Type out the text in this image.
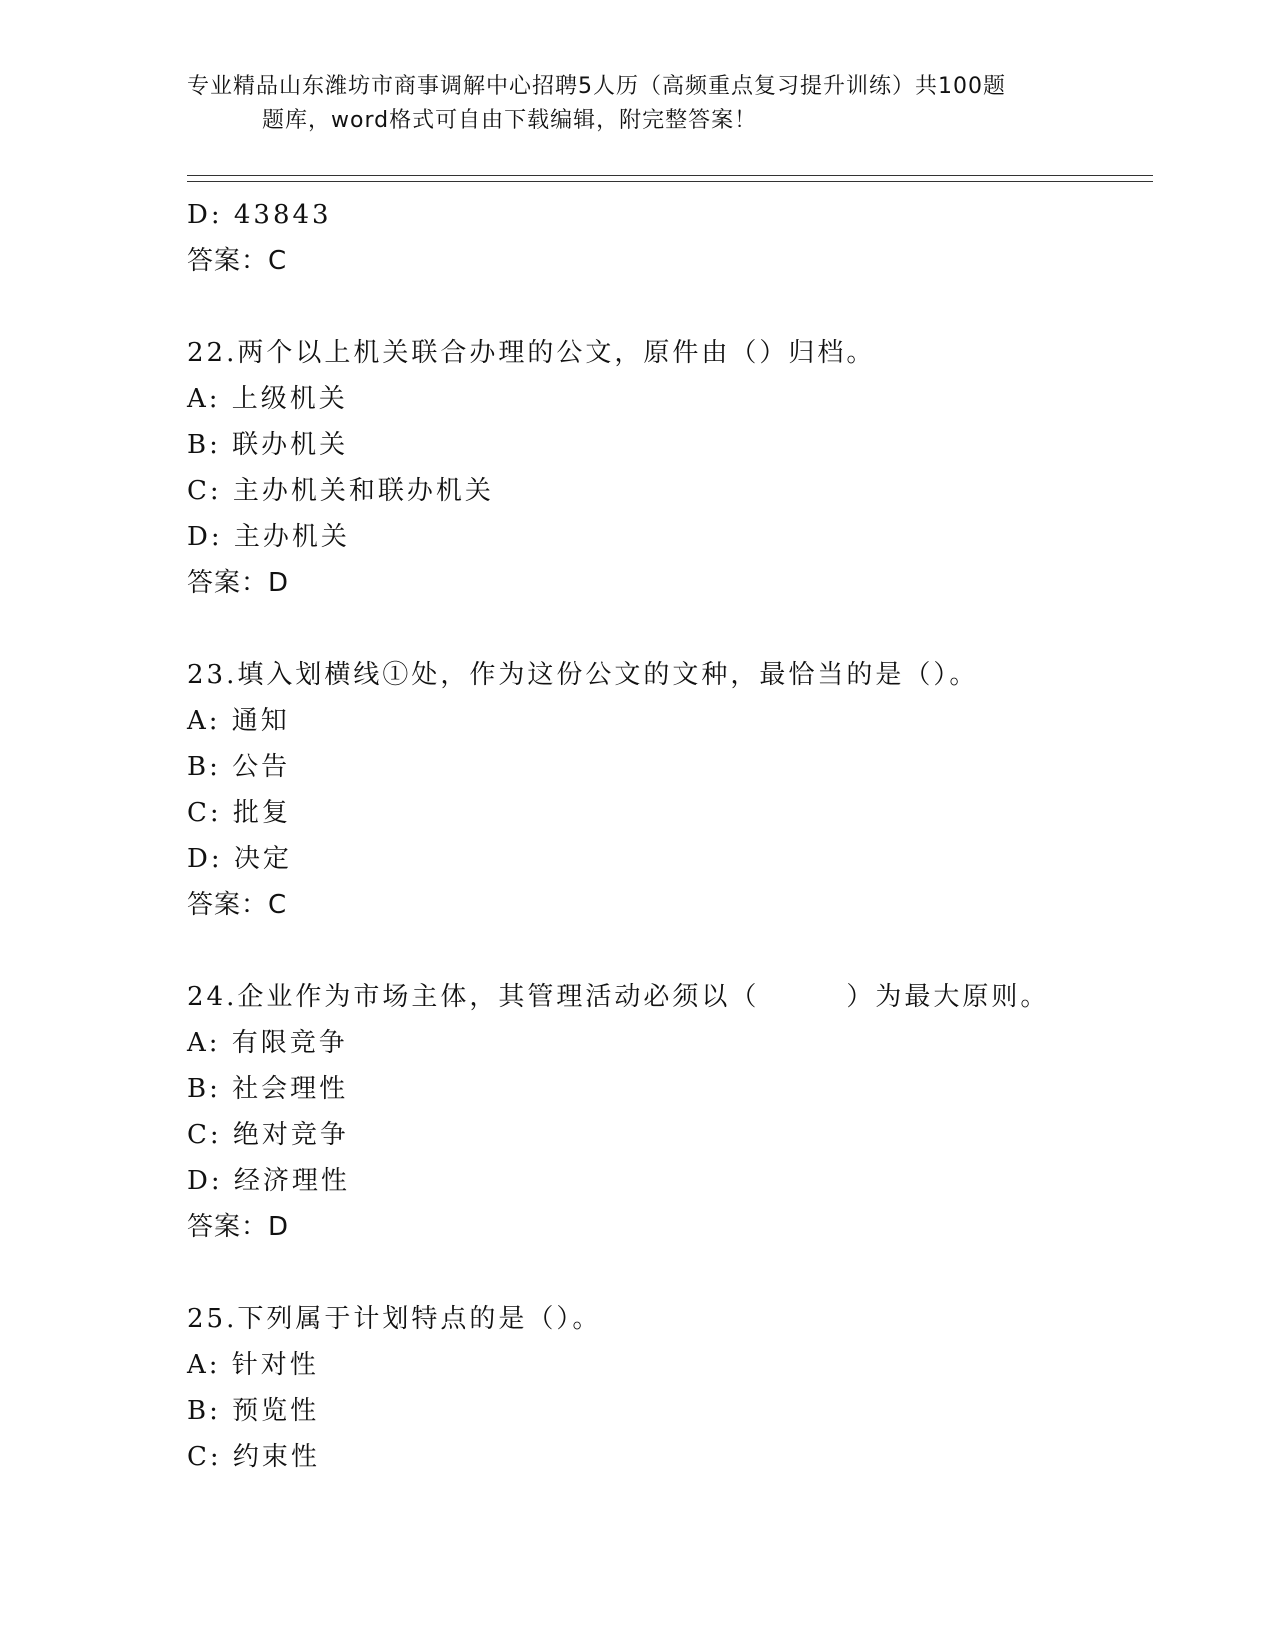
专业精品山东潍坊市商事调解中心招聘5人历（高频重点复习提升训练）共100题
题库，word格式可自由下载编辑，附完整答案！
D: 43843
答案：C
22.两个以上机关联合办理的公文，原件由（）归档。
A: 上级机关
B: 联办机关
C: 主办机关和联办机关
D: 主办机关
答案：D
23.填入划横线①处，作为这份公文的文种，最恰当的是（）。
A: 通知
B: 公告
C: 批复
D: 决定
答案：C
24.企业作为市场主体，其管理活动必须以（　　　）为最大原则。
A: 有限竞争
B: 社会理性
C: 绝对竞争
D: 经济理性
答案：D
25.下列属于计划特点的是（）。
A: 针对性
B: 预览性
C: 约束性
